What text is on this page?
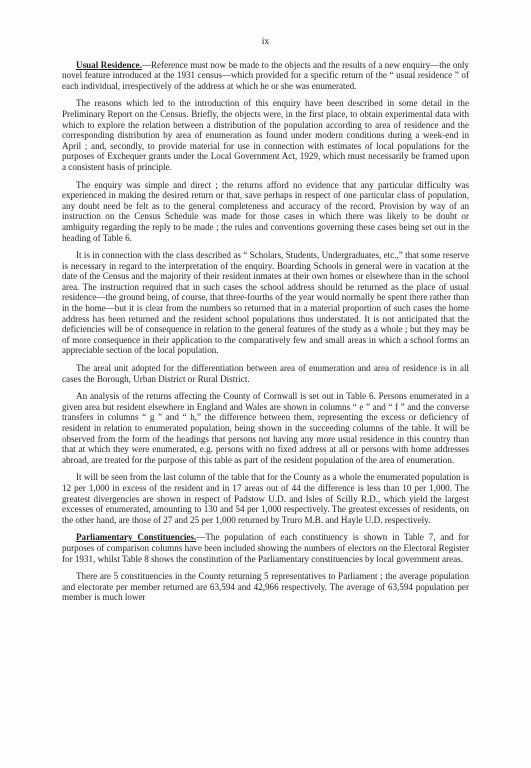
ix

Usual Residence.—Reference must now be made to the objects and the results of a new enquiry—the only novel feature introduced at the 1931 census—which provided for a specific return of the “ usual residence ” of each individual, irrespectively of the address at which he or she was enumerated.

The reasons which led to the introduction of this enquiry have been described in some detail in the Preliminary Report on the Census. Briefly, the objects were, in the first place, to obtain experimental data with which to explore the relation between a distribution of the population according to area of residence and the corresponding distribution by area of enumeration as found under modern conditions during a week-end in April ; and, secondly, to provide material for use in connection with estimates of local populations for the purposes of Exchequer grants under the Local Government Act, 1929, which must necessarily be framed upon a consistent basis of principle.

The enquiry was simple and direct ; the returns afford no evidence that any particular difficulty was experienced in making the desired return or that, save perhaps in respect of one particular class of population, any doubt need be felt as to the general completeness and accuracy of the record. Provision by way of an instruction on the Census Schedule was made for those cases in which there was likely to be doubt or ambiguity regarding the reply to be made ; the rules and conventions governing these cases being set out in the heading of Table 6.

It is in connection with the class described as “ Scholars, Students, Undergraduates, etc.,” that some reserve is necessary in regard to the interpretation of the enquiry. Boarding Schools in general were in vacation at the date of the Census and the majority of their resident inmates at their own homes or elsewhere than in the school area. The instruction required that in such cases the school address should be returned as the place of usual residence—the ground being, of course, that three-fourths of the year would normally be spent there rather than in the home—but it is clear from the numbers so returned that in a material proportion of such cases the home address has been returned and the resident school populations thus understated. It is not anticipated that the deficiencies will be of consequence in relation to the general features of the study as a whole ; but they may be of more consequence in their application to the comparatively few and small areas in which a school forms an appreciable section of the local population.

The areal unit adopted for the differentiation between area of enumeration and area of residence is in all cases the Borough, Urban District or Rural District.

An analysis of the returns affecting the County of Cornwall is set out in Table 6. Persons enumerated in a given area but resident elsewhere in England and Wales are shown in columns “ e ” and “ f ” and the converse transfers in columns “ g ” and “ h,” the difference between them, representing the excess or deficiency of resident in relation to enumerated population, being shown in the succeeding columns of the table. It will be observed from the form of the headings that persons not having any more usual residence in this country than that at which they were enumerated, e.g. persons with no fixed address at all or persons with home addresses abroad, are treated for the purpose of this table as part of the resident population of the area of enumeration.

It will be seen from the last column of the table that for the County as a whole the enumerated population is 12 per 1,000 in excess of the resident and in 17 areas out of 44 the difference is less than 10 per 1,000. The greatest divergencies are shown in respect of Padstow U.D. and Isles of Scilly R.D., which yield the largest excesses of enumerated, amounting to 130 and 54 per 1,000 respectively. The greatest excesses of residents, on the other hand, are those of 27 and 25 per 1,000 returned by Truro M.B. and Hayle U.D. respectively.

Parliamentary Constituencies.—The population of each constituency is shown in Table 7, and for purposes of comparison columns have been included showing the numbers of electors on the Electoral Register for 1931, whilst Table 8 shows the constitution of the Parliamentary constituencies by local government areas.

There are 5 constituencies in the County returning 5 representatives to Parliament ; the average population and electorate per member returned are 63,594 and 42,966 respectively. The average of 63,594 population per member is much lower
